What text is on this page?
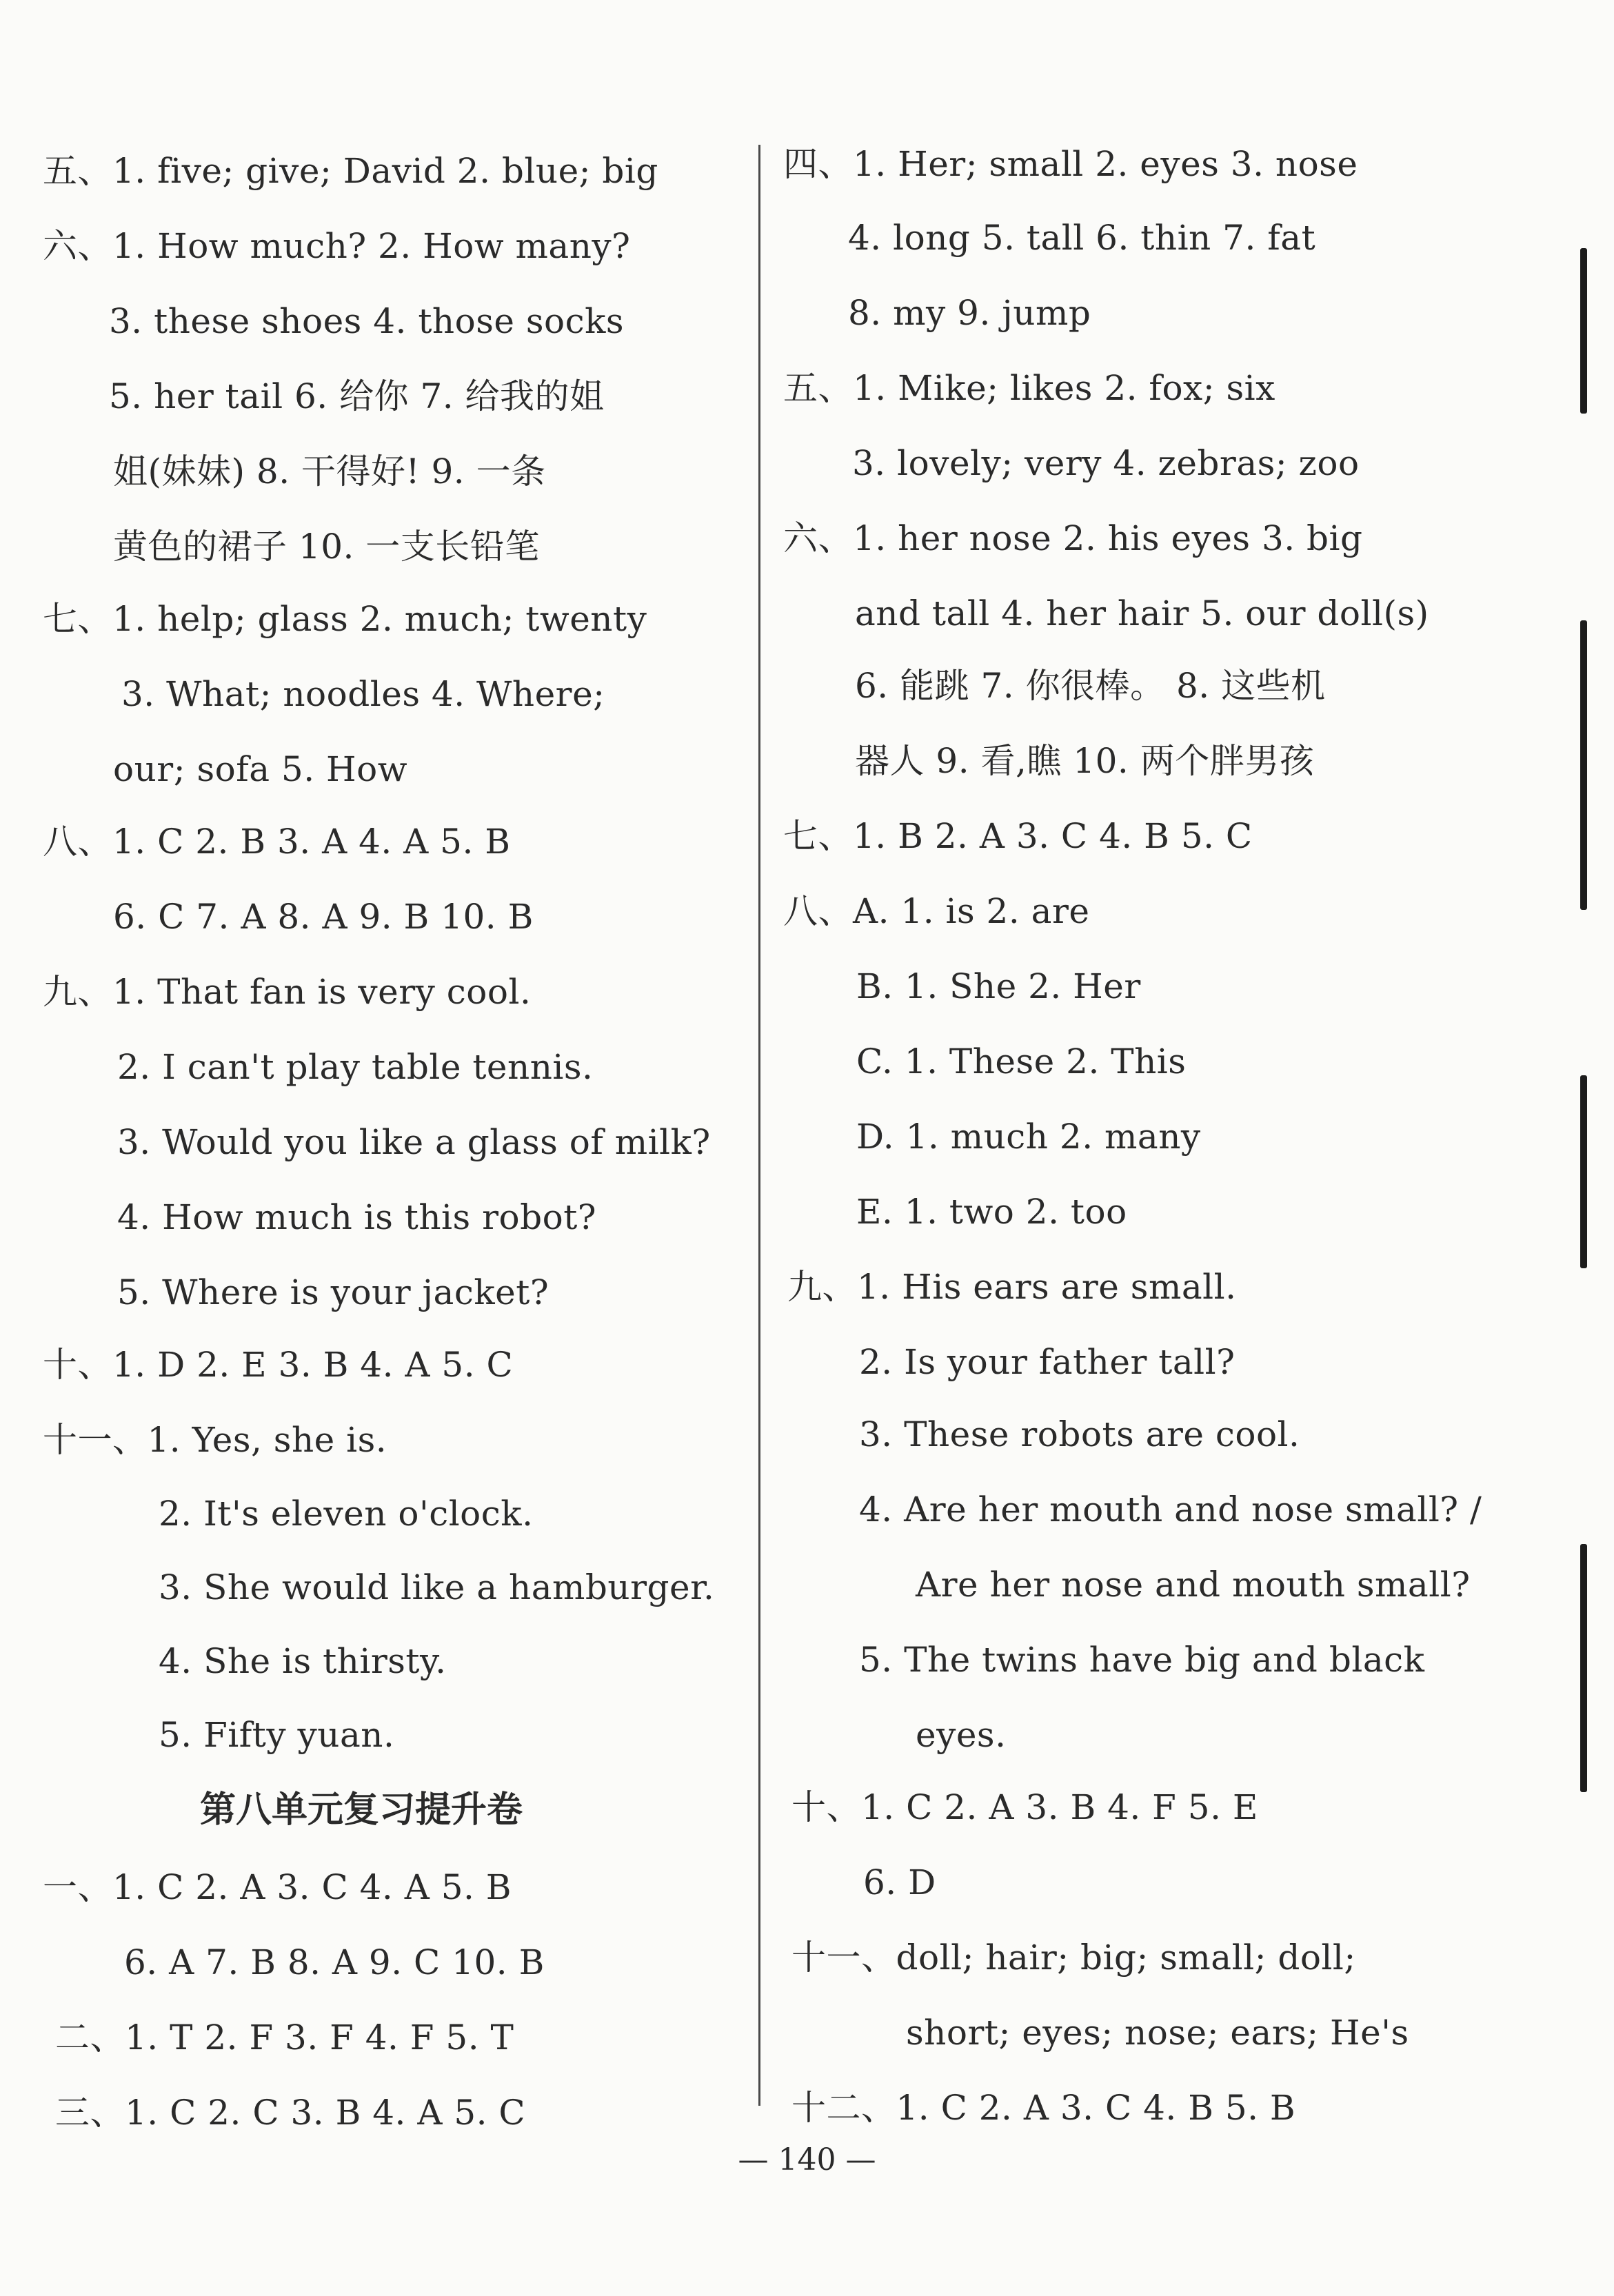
五、1. five; give; David 2. blue; big
六、1. How much? 2. How many?
3. these shoes 4. those socks
5. her tail 6. 给你 7. 给我的姐
姐(妹妹) 8. 干得好! 9. 一条
黄色的裙子 10. 一支长铅笔
七、1. help; glass 2. much; twenty
3. What; noodles 4. Where;
our; sofa 5. How
八、1. C 2. B 3. A 4. A 5. B
6. C 7. A 8. A 9. B 10. B
九、1. That fan is very cool.
2. I can't play table tennis.
3. Would you like a glass of milk?
4. How much is this robot?
5. Where is your jacket?
十、1. D 2. E 3. B 4. A 5. C
十一、1. Yes, she is.
2. It's eleven o'clock.
3. She would like a hamburger.
4. She is thirsty.
5. Fifty yuan.
第八单元复习提升卷
一、1. C 2. A 3. C 4. A 5. B
6. A 7. B 8. A 9. C 10. B
二、1. T 2. F 3. F 4. F 5. T
三、1. C 2. C 3. B 4. A 5. C
四、1. Her; small 2. eyes 3. nose
4. long 5. tall 6. thin 7. fat
8. my 9. jump
五、1. Mike; likes 2. fox; six
3. lovely; very 4. zebras; zoo
六、1. her nose 2. his eyes 3. big
and tall 4. her hair 5. our doll(s)
6. 能跳 7. 你很棒。 8. 这些机
器人 9. 看,瞧 10. 两个胖男孩
七、1. B 2. A 3. C 4. B 5. C
八、A. 1. is 2. are
B. 1. She 2. Her
C. 1. These 2. This
D. 1. much 2. many
E. 1. two 2. too
九、1. His ears are small.
2. Is your father tall?
3. These robots are cool.
4. Are her mouth and nose small? /
Are her nose and mouth small?
5. The twins have big and black
eyes.
十、1. C 2. A 3. B 4. F 5. E
6. D
十一、doll; hair; big; small; doll;
short; eyes; nose; ears; He's
十二、1. C 2. A 3. C 4. B 5. B
— 140 —
